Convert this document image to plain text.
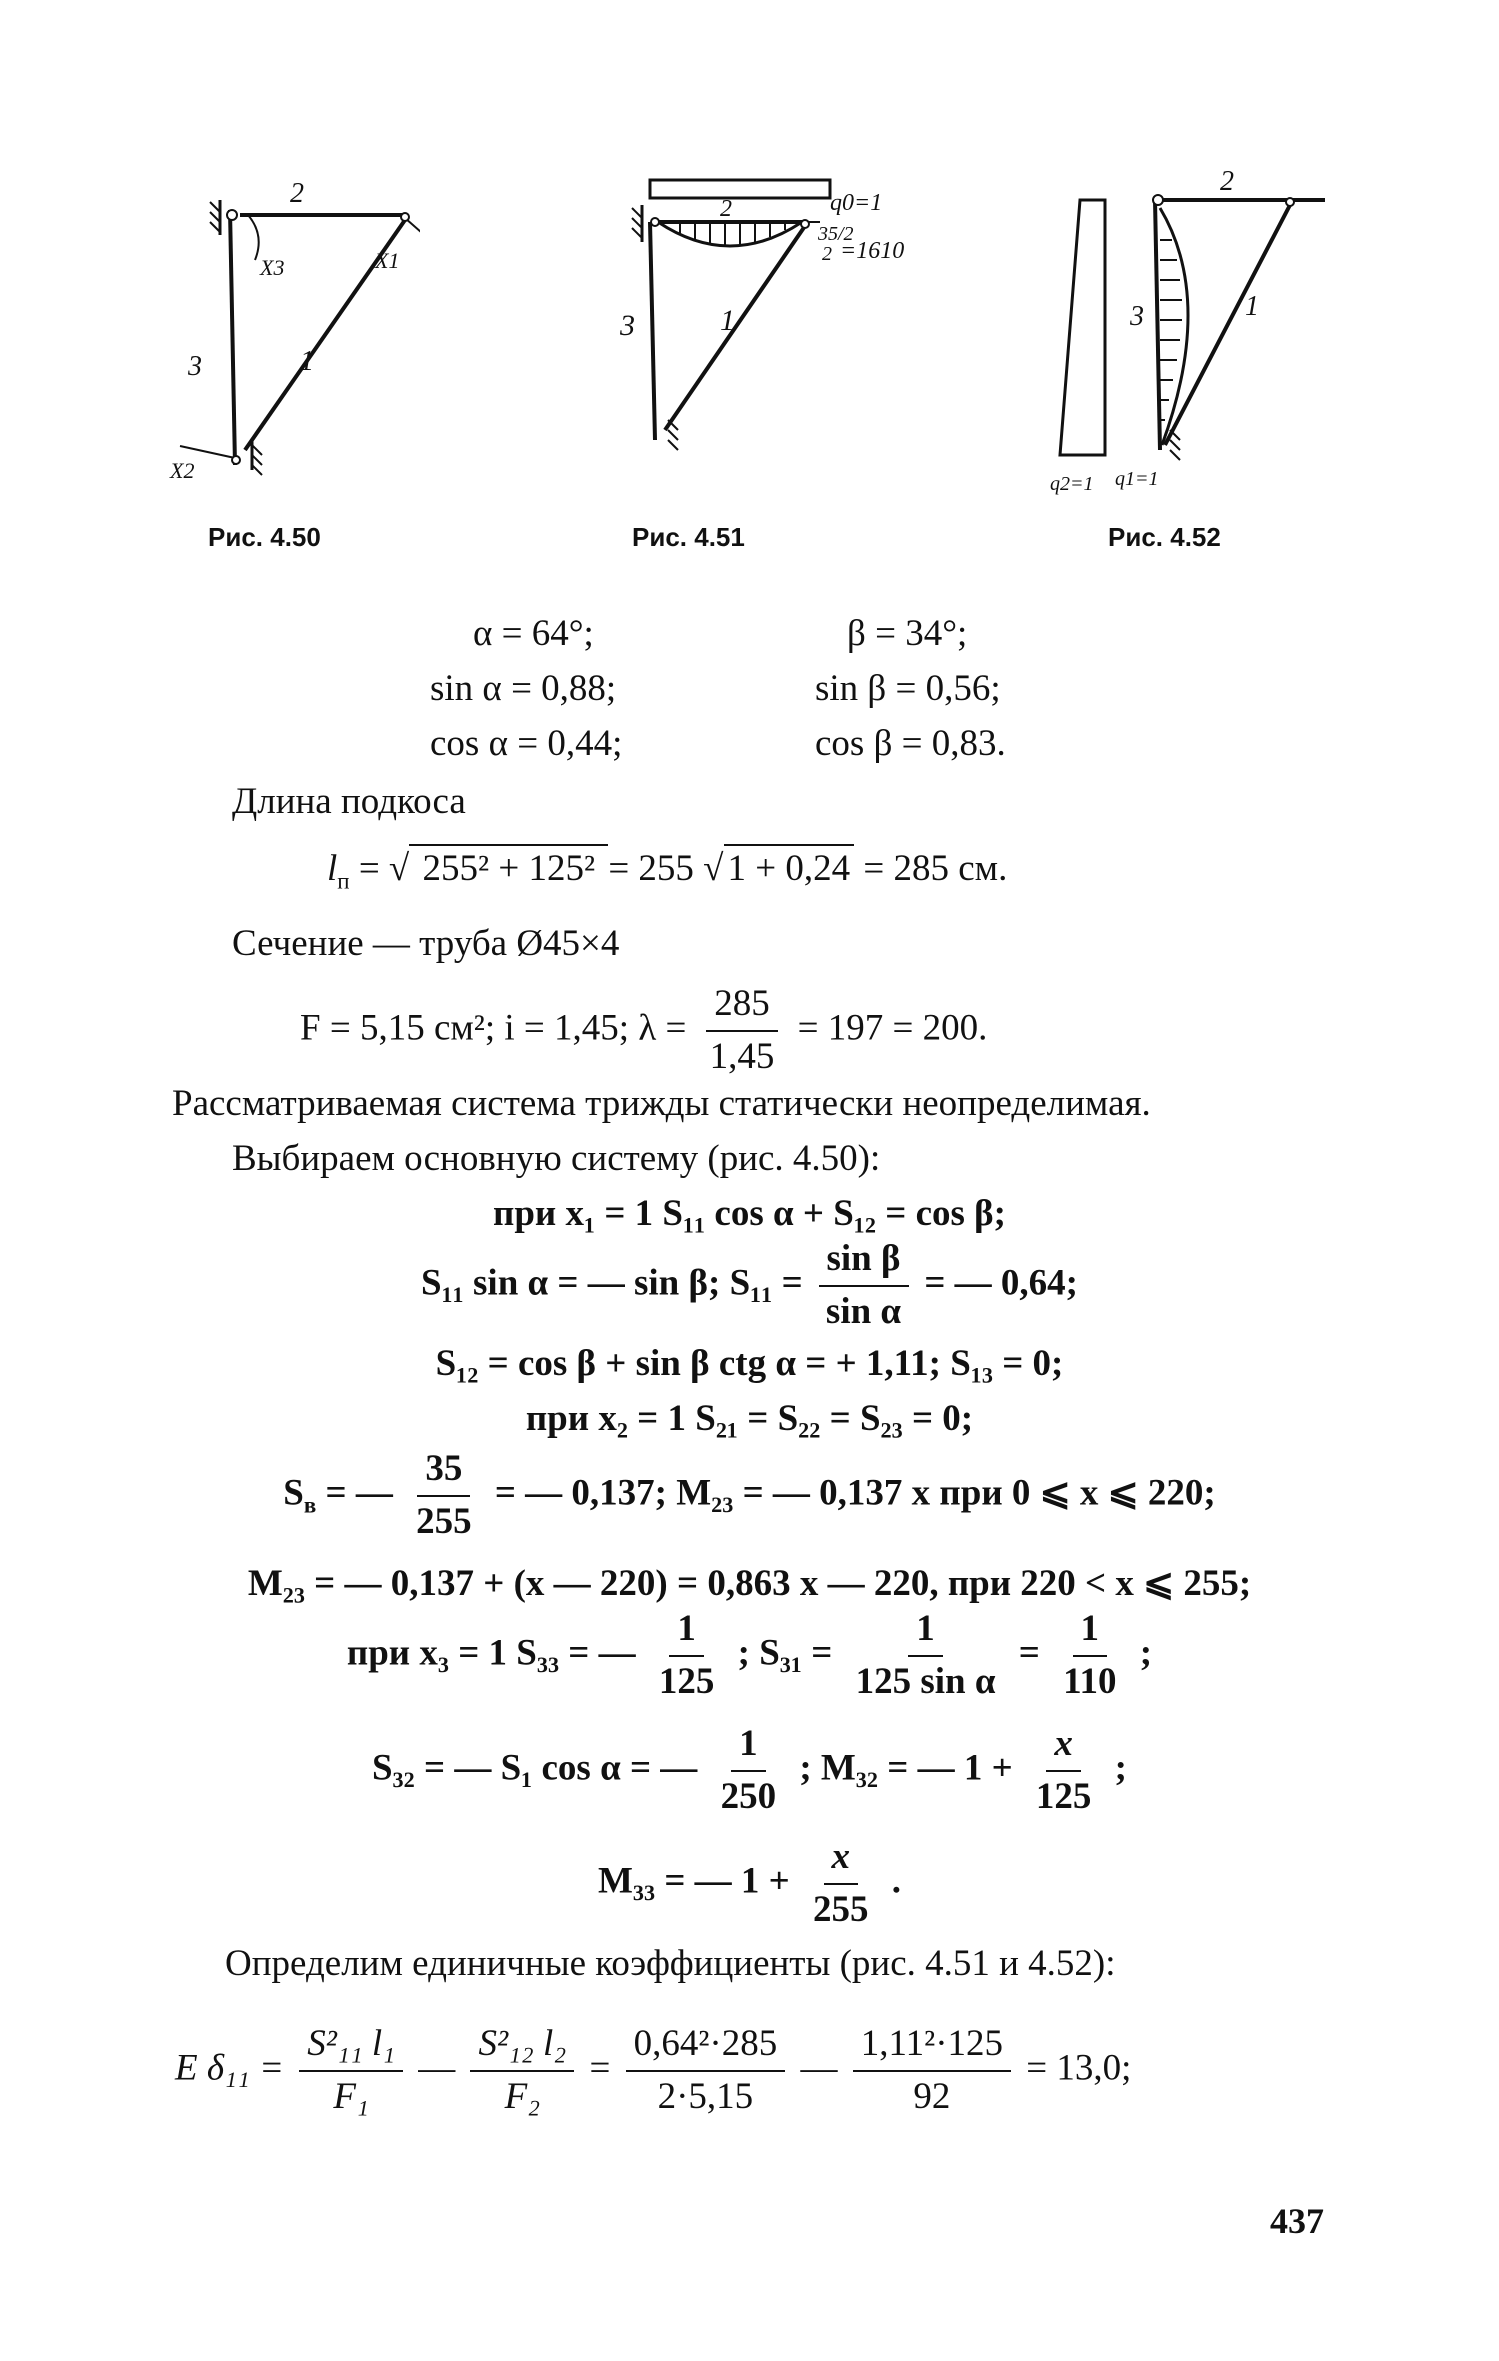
2
X3	X1
3	1
X2
Рис. 4.50
2	q0=1
35/2
2 =1610
3	1
Рис. 4.51
2
3	1
q2=1 q1=1
Рис. 4.52
α = 64°;	β = 34°;
sin α = 0,88;	sin β = 0,56;
cos α = 0,44;	cos β = 0,83.
Длина подкоса
$l_п$ = √ 255² + 125² = 255 √ 1 + 0,24 = 285 см.
Сечение — труба Ø45×4
F = 5,15 см²; i = 1,45; $\lambda = \frac{285}{1,45} = 197 = 200$.
Рассматриваемая система трижды статически неопределимая.
Выбираем основную систему (рис. 4.50):
при x₁ = 1 S₁₁ cos α + S₁₂ = cos β;
S₁₁ sin α = — sin β; $S_{11} = \frac{\text{sin β}}{\text{sin α}}$ = — 0,64;
S₁₂ = cos β + sin β ctg α = + 1,11; S₁₃ = 0;
при x₂ = 1 S₂₁ = S₂₂ = S₂₃ = 0;
$S_в$ = — $\frac{35}{255}$ = — 0,137; M₂₃ = — 0,137 x при 0 ⩽ x ⩽ 220;
M₂₃ = — 0,137 + (x — 220) = 0,863 x — 220, при 220 < x ⩽ 255;
при x₃ = 1 S₃₃ = — $\frac{1}{125}$ ; $S_{31} = \frac{1}{\text{125 sin α}} = \frac{1}{110}$ ;
S₃₂ = — S₁ cos α = — $\frac{1}{250}$ ; M₃₂ = — $1 + \frac{x}{125}$ ;
M₃₃ = — $1 + \frac{x}{255}$ .
Определим единичные коэффициенты (рис. 4.51 и 4.52):
E $\delta_{11} = \frac{\text{S²₁₁ l₁}}{\text{F₁}}$ — $\frac{\text{S²₁₂ l₂}}{\text{F₂}} = \frac{\text{0,64²·285}}{2\cdot 5,15}$ — $\frac{\text{1,11²·125}}{92} = 13,0$;
437
